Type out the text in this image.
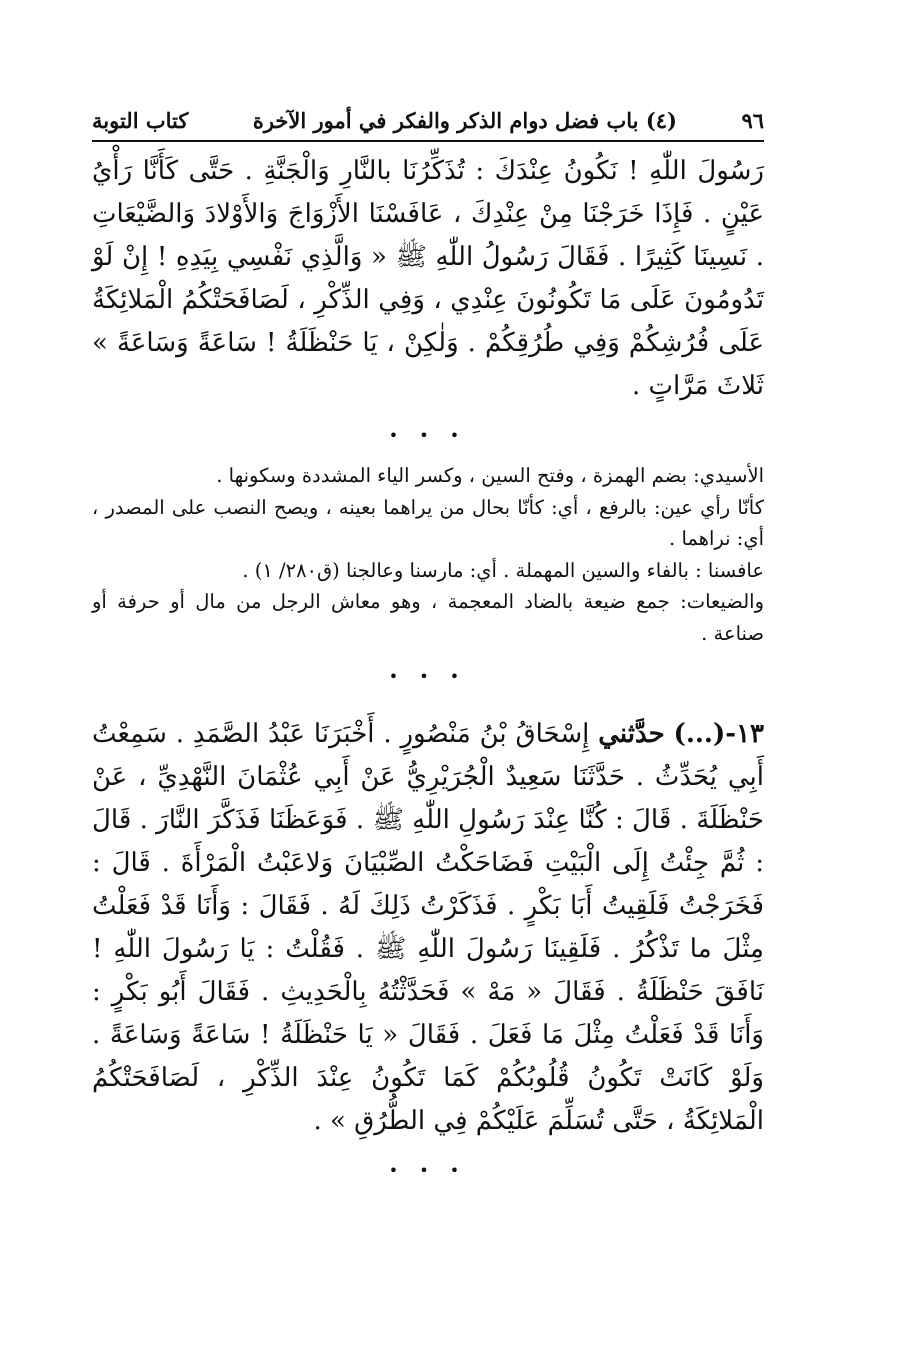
٩٦
(٤) باب فضل دوام الذكر والفكر في أمور الآخرة
كتاب التوبة

رَسُولَ اللّٰهِ ! نَكُونُ عِنْدَكَ : تُذَكِّرُنَا بالنَّارِ وَالْجَنَّةِ . حَتَّى كَأَنَّا رَأْيُ عَيْنٍ . فَإِذَا خَرَجْنَا مِنْ عِنْدِكَ ، عَافَسْنَا الأَزْوَاجَ وَالأَوْلادَ وَالضَّيْعَاتِ . نَسِينَا كَثِيرًا . فَقَالَ رَسُولُ اللّٰهِ ﷺ « وَالَّذِي نَفْسِي بِيَدِهِ ! إِنْ لَوْ تَدُومُونَ عَلَى مَا تَكُونُونَ عِنْدِي ، وَفِي الذِّكْرِ ، لَصَافَحَتْكُمُ الْمَلائِكَةُ عَلَى فُرُشِكُمْ وَفِي طُرُقِكُمْ . وَلٰكِنْ ، يَا حَنْظَلَةُ ! سَاعَةً وَسَاعَةً » ثَلاثَ مَرَّاتٍ .

• • •

الأسيدي: بضم الهمزة ، وفتح السين ، وكسر الياء المشددة وسكونها .

كأنّا رأي عين: بالرفع ، أي: كأنّا بحال من يراهما بعينه ، ويصح النصب على المصدر ، أي: نراهما .

عافسنا : بالفاء والسين المهملة . أي: مارسنا وعالجنا (ق٢٨٠/ ١) .

والضيعات: جمع ضيعة بالضاد المعجمة ، وهو معاش الرجل من مال أو حرفة أو صناعة .

• • •

١٣-(...) حدَّثني إِسْحَاقُ بْنُ مَنْصُورٍ . أَخْبَرَنَا عَبْدُ الصَّمَدِ . سَمِعْتُ أَبِي يُحَدِّثُ . حَدَّثَنَا سَعِيدٌ الْجُرَيْرِيُّ عَنْ أَبِي عُثْمَانَ النَّهْدِيِّ ، عَنْ حَنْظَلَةَ . قَالَ : كُنَّا عِنْدَ رَسُولِ اللّٰهِ ﷺ . فَوَعَظَنَا فَذَكَّرَ النَّارَ . قَالَ : ثُمَّ جِئْتُ إِلَى الْبَيْتِ فَضَاحَكْتُ الصِّبْيَانَ وَلاعَبْتُ الْمَرْأَةَ . قَالَ : فَخَرَجْتُ فَلَقِيتُ أَبَا بَكْرٍ . فَذَكَرْتُ ذَلِكَ لَهُ . فَقَالَ : وَأَنَا قَدْ فَعَلْتُ مِثْلَ ما تَذْكُرُ . فَلَقِينَا رَسُولَ اللّٰهِ ﷺ . فَقُلْتُ : يَا رَسُولَ اللّٰهِ ! نَافَقَ حَنْظَلَةُ . فَقَالَ « مَهْ » فَحَدَّثْتُهُ بِالْحَدِيثِ . فَقَالَ أَبُو بَكْرٍ : وَأَنَا قَدْ فَعَلْتُ مِثْلَ مَا فَعَلَ . فَقَالَ « يَا حَنْظَلَةُ ! سَاعَةً وَسَاعَةً . وَلَوْ كَانَتْ تَكُونُ قُلُوبُكُمْ كَمَا تَكُونُ عِنْدَ الذِّكْرِ ، لَصَافَحَتْكُمُ الْمَلائِكَةُ ، حَتَّى تُسَلِّمَ عَلَيْكُمْ فِي الطُّرُقِ » .

• • •
